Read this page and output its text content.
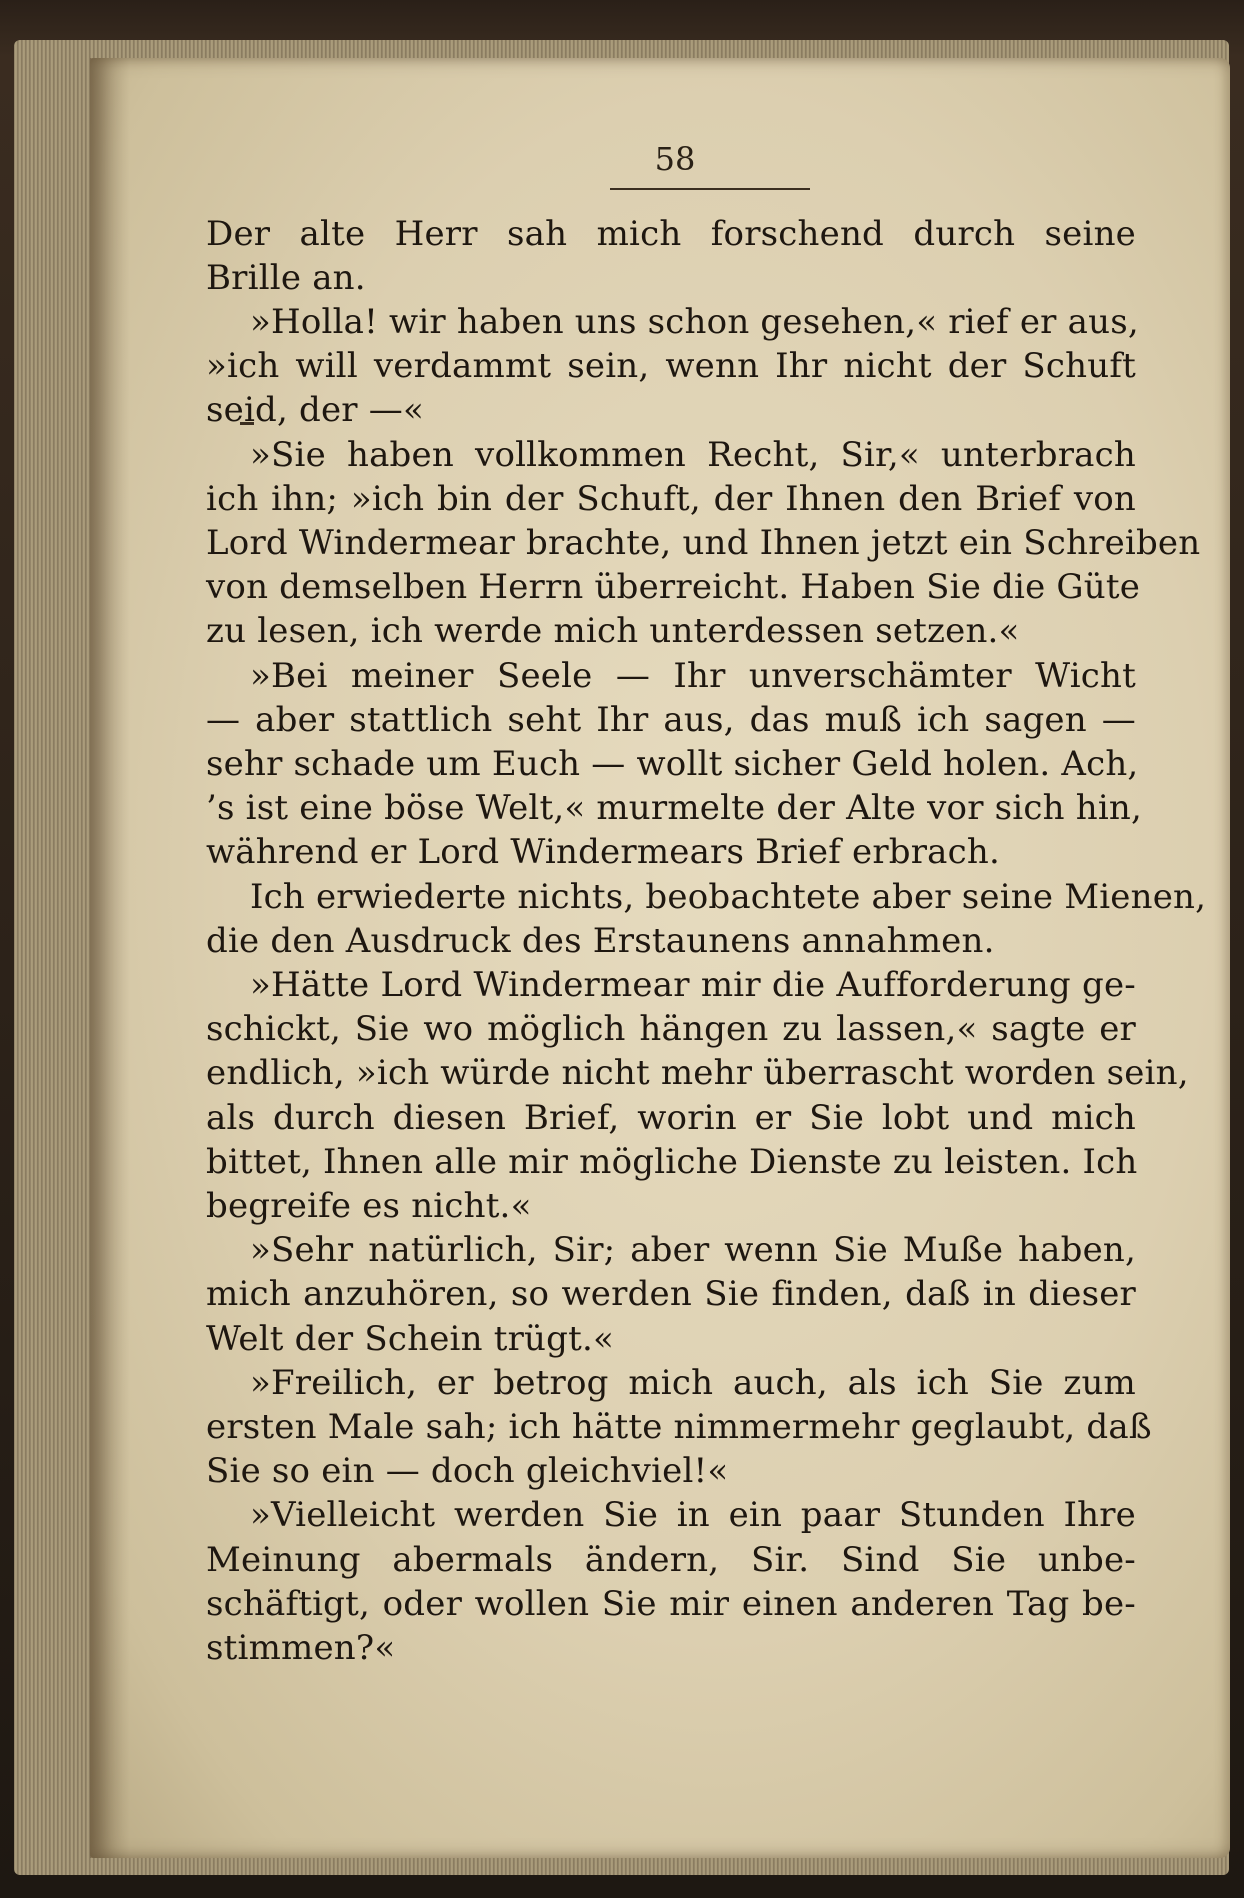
58
Der alte Herr sah mich forschend durch seine
Brille an.
»Holla! wir haben uns schon gesehen,« rief er aus,
»ich will verdammt sein, wenn Ihr nicht der Schuft
seid, der —«
»Sie haben vollkommen Recht, Sir,« unterbrach
ich ihn; »ich bin der Schuft, der Ihnen den Brief von
Lord Windermear brachte, und Ihnen jetzt ein Schreiben
von demselben Herrn überreicht. Haben Sie die Güte
zu lesen, ich werde mich unterdessen setzen.«
»Bei meiner Seele — Ihr unverschämter Wicht
— aber stattlich seht Ihr aus, das muß ich sagen —
sehr schade um Euch — wollt sicher Geld holen. Ach,
’s ist eine böse Welt,« murmelte der Alte vor sich hin,
während er Lord Windermears Brief erbrach.
Ich erwiederte nichts, beobachtete aber seine Mienen,
die den Ausdruck des Erstaunens annahmen.
»Hätte Lord Windermear mir die Aufforderung ge-
schickt, Sie wo möglich hängen zu lassen,« sagte er
endlich, »ich würde nicht mehr überrascht worden sein,
als durch diesen Brief, worin er Sie lobt und mich
bittet, Ihnen alle mir mögliche Dienste zu leisten. Ich
begreife es nicht.«
»Sehr natürlich, Sir; aber wenn Sie Muße haben,
mich anzuhören, so werden Sie finden, daß in dieser
Welt der Schein trügt.«
»Freilich, er betrog mich auch, als ich Sie zum
ersten Male sah; ich hätte nimmermehr geglaubt, daß
Sie so ein — doch gleichviel!«
»Vielleicht werden Sie in ein paar Stunden Ihre
Meinung abermals ändern, Sir. Sind Sie unbe-
schäftigt, oder wollen Sie mir einen anderen Tag be-
stimmen?«
